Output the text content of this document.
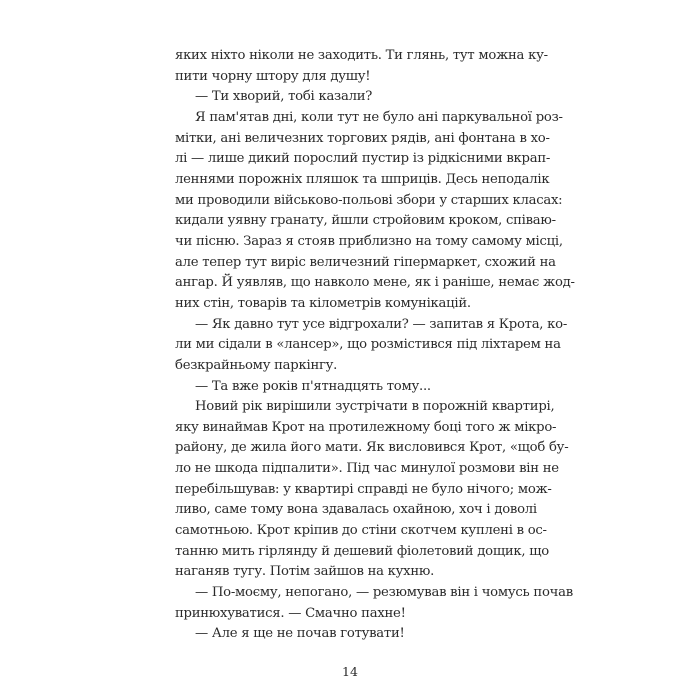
яких ніхто ніколи не заходить. Ти глянь, тут можна ку-
пити чорну штору для душу!
— Ти хворий, тобі казали?
Я пам'ятав дні, коли тут не було ані паркувальної роз-
мітки, ані величезних торгових рядів, ані фонтана в хо-
лі — лише дикий порослий пустир із рідкісними вкрап-
леннями порожніх пляшок та шприців. Десь неподалік
ми проводили військово-польові збори у старших класах:
кидали уявну гранату, йшли стройовим кроком, співаю-
чи пісню. Зараз я стояв приблизно на тому самому місці,
але тепер тут виріс величезний гіпермаркет, схожий на
ангар. Й уявляв, що навколо мене, як і раніше, немає жод-
них стін, товарів та кілометрів комунікацій.
— Як давно тут усе відгрохали? — запитав я Крота, ко-
ли ми сідали в «лансер», що розмістився під ліхтарем на
безкрайньому паркінгу.
— Та вже років п'ятнадцять тому...
Новий рік вирішили зустрічати в порожній квартирі,
яку винаймав Крот на протилежному боці того ж мікро-
району, де жила його мати. Як висловився Крот, «щоб бу-
ло не шкода підпалити». Під час минулої розмови він не
перебільшував: у квартирі справді не було нічого; мож-
ливо, саме тому вона здавалась охайною, хоч і доволі
самотньою. Крот кріпив до стіни скотчем куплені в ос-
танню мить гірлянду й дешевий фіолетовий дощик, що
наганяв тугу. Потім зайшов на кухню.
— По-моєму, непогано, — резюмував він і чомусь почав
принюхуватися. — Смачно пахне!
— Але я ще не почав готувати!
14
